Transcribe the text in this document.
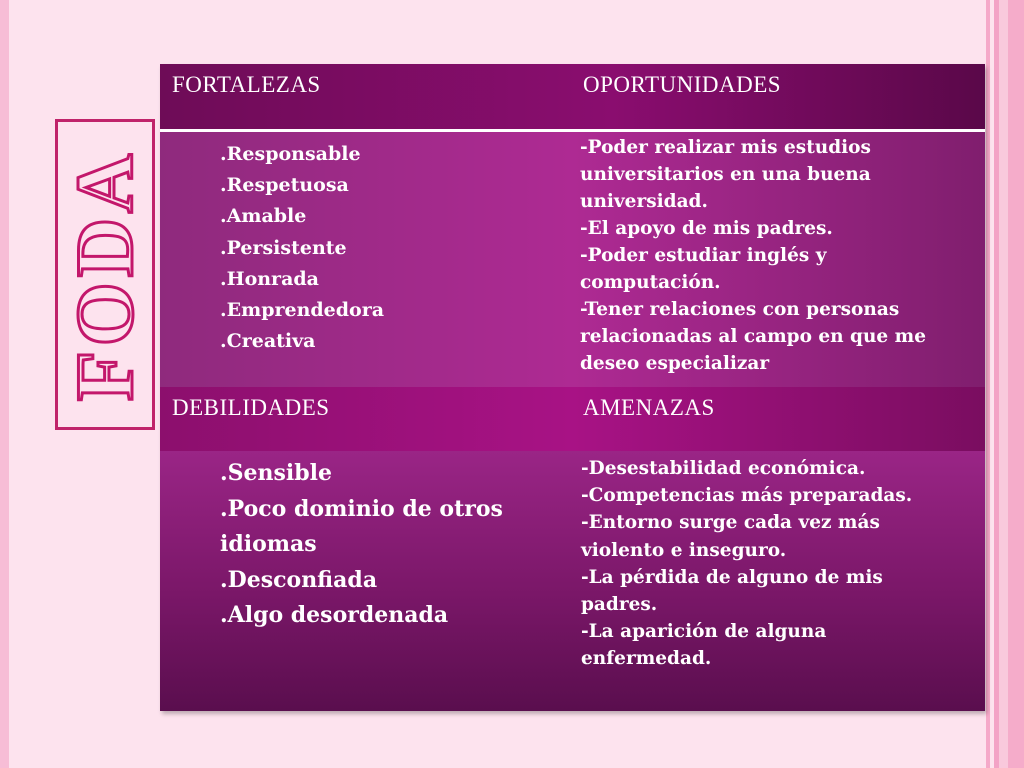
FODA
FORTALEZAS	OPORTUNIDADES
.Responsable
.Respetuosa
.Amable
.Persistente
.Honrada
.Emprendedora
.Creativa
-Poder realizar mis estudios
universitarios en una buena
universidad.
-El apoyo de mis padres.
-Poder estudiar inglés y
computación.
-Tener relaciones con personas
relacionadas al campo en que me
deseo especializar
DEBILIDADES	AMENAZAS
.Sensible
.Poco dominio de otros idiomas
.Desconfiada
.Algo desordenada
-Desestabilidad económica.
-Competencias más preparadas.
-Entorno surge cada vez más
violento e inseguro.
-La pérdida de alguno de mis
padres.
-La aparición de alguna
enfermedad.
